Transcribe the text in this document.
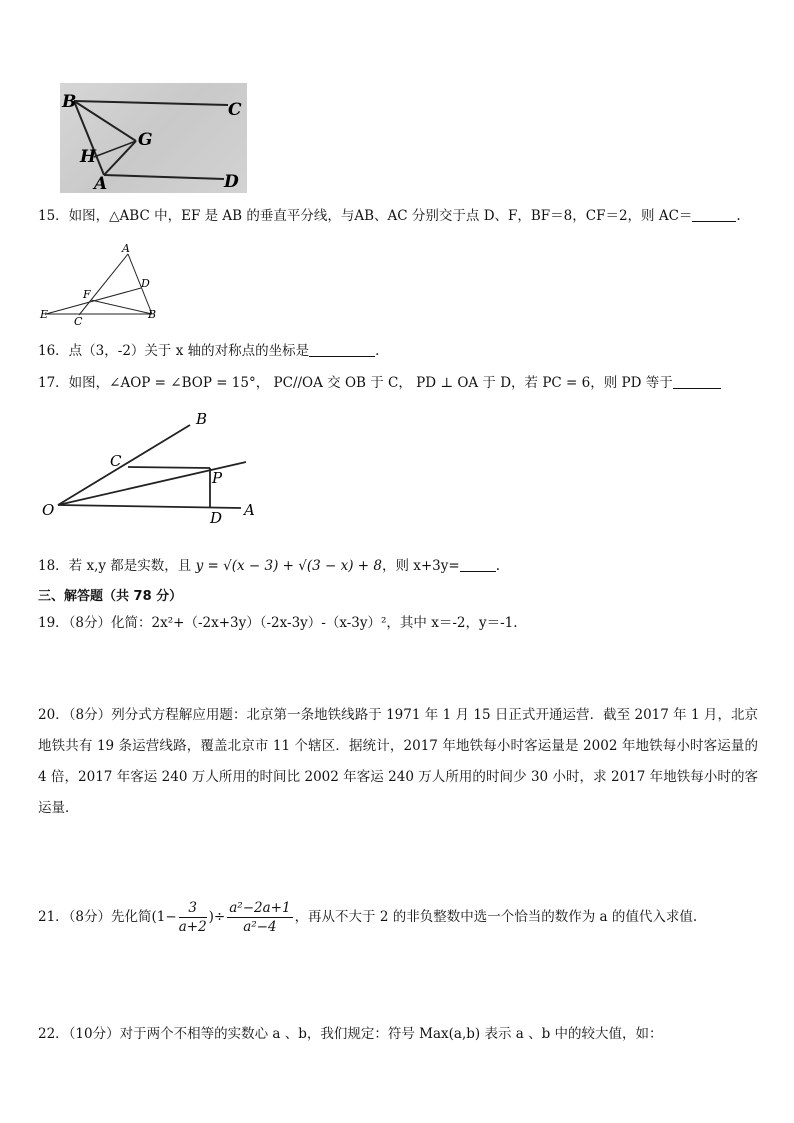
B	C
G
H
A	D
15．如图，△ABC 中，EF 是 AB 的垂直平分线，与AB、AC 分别交于点 D、F，BF＝8，CF＝2，则 AC＝	.
A
D
F
E
C
B
16．点（3，-2）关于 x 轴的对称点的坐标是	.
17．如图，∠AOP = ∠BOP = 15°， PC//OA 交 OB 于 C， PD ⊥ OA 于 D，若 PC = 6，则 PD 等于
B
C
P
O	D A
18．若 x,y 都是实数，且 y = √(x − 3) + √(3 − x) + 8，则 x+3y=	.
三、解答题（共 78 分）
19．（8分）化简：2x²+（-2x+3y）（-2x-3y）-（x-3y）²，其中 x＝-2，y＝-1.
20．（8分）列分式方程解应用题：北京第一条地铁线路于 1971 年 1 月 15 日正式开通运营．截至 2017 年 1 月，北京地铁共有 19 条运营线路，覆盖北京市 11 个辖区．据统计，2017 年地铁每小时客运量是 2002 年地铁每小时客运量的 4 倍，2017 年客运 240 万人所用的时间比 2002 年客运 240 万人所用的时间少 30 小时，求 2017 年地铁每小时的客运量．
21．（8分）先化简($1- \frac{3}{a+2}$ )÷ $\frac{\text{a²−2a+1}}{\text{a²−4}}$ ，再从不大于 2 的非负整数中选一个恰当的数作为 a 的值代入求值.
22．（10分）对于两个不相等的实数心 a 、b，我们规定：符号 Max(a,b) 表示 a 、b 中的较大值，如：
